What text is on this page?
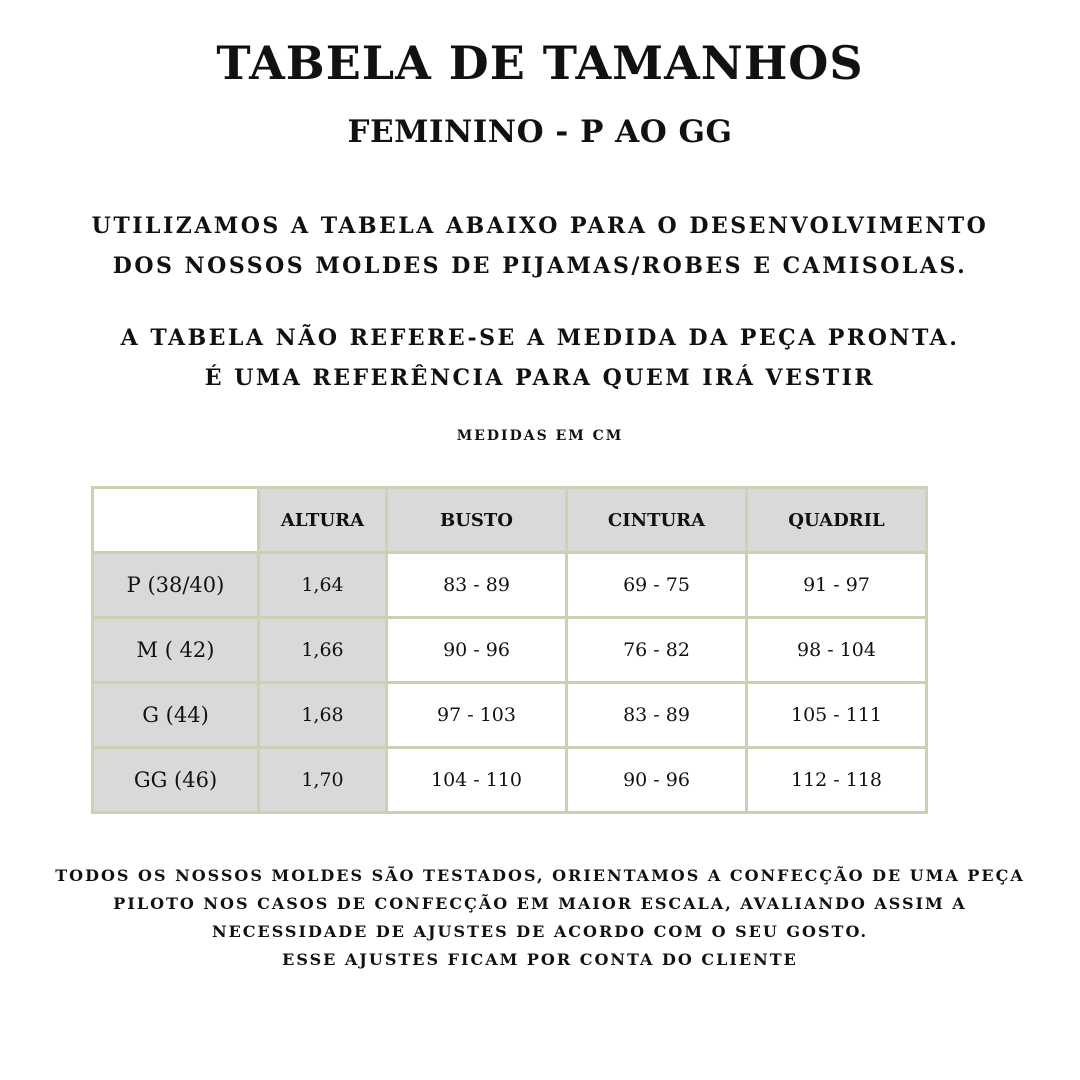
TABELA DE TAMANHOS
FEMININO - P AO GG
UTILIZAMOS A TABELA ABAIXO PARA O DESENVOLVIMENTO
DOS NOSSOS MOLDES DE PIJAMAS/ROBES E CAMISOLAS.
A TABELA NÃO REFERE-SE A MEDIDA DA PEÇA PRONTA.
É UMA REFERÊNCIA PARA QUEM IRÁ VESTIR
MEDIDAS EM CM
	ALTURA	BUSTO	CINTURA	QUADRIL
P (38/40)	1,64	83 - 89	69 - 75	91 - 97
M ( 42)	1,66	90 - 96	76 - 82	98 - 104
G (44)	1,68	97 - 103	83 - 89	105 - 111
GG (46)	1,70	104 - 110	90 - 96	112 - 118
TODOS OS NOSSOS MOLDES SÃO TESTADOS, ORIENTAMOS A CONFECÇÃO DE UMA PEÇA
PILOTO NOS CASOS DE CONFECÇÃO EM MAIOR ESCALA, AVALIANDO ASSIM A
NECESSIDADE DE AJUSTES DE ACORDO COM O SEU GOSTO.
ESSE AJUSTES FICAM POR CONTA DO CLIENTE
